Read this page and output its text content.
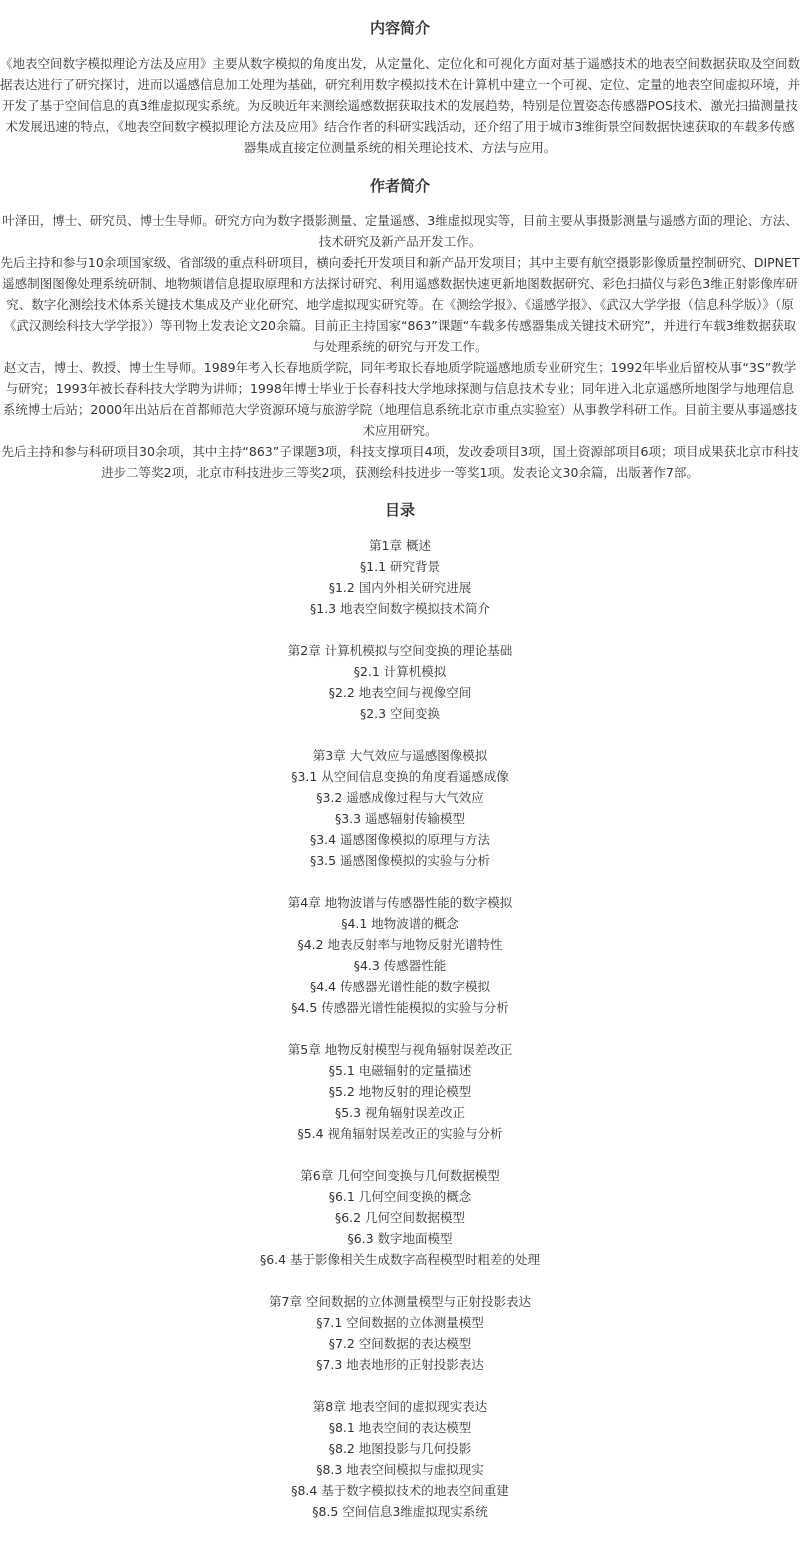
内容简介

《地表空间数字模拟理论方法及应用》主要从数字模拟的角度出发，从定量化、定位化和可视化方面对基于遥感技术的地表空间数据获取及空间数据表达进行了研究探讨，进而以遥感信息加工处理为基础，研究利用数字模拟技术在计算机中建立一个可视、定位、定量的地表空间虚拟环境，并开发了基于空间信息的真3维虚拟现实系统。为反映近年来测绘遥感数据获取技术的发展趋势，特别是位置姿态传感器POS技术、激光扫描测量技术发展迅速的特点，《地表空间数字模拟理论方法及应用》结合作者的科研实践活动，还介绍了用于城市3维街景空间数据快速获取的车载多传感器集成直接定位测量系统的相关理论技术、方法与应用。

作者简介

叶泽田，博士、研究员、博士生导师。研究方向为数字摄影测量、定量遥感、3维虚拟现实等，目前主要从事摄影测量与遥感方面的理论、方法、技术研究及新产品开发工作。

先后主持和参与10余项国家级、省部级的重点科研项目，横向委托开发项目和新产品开发项目；其中主要有航空摄影影像质量控制研究、DIPNET遥感制图图像处理系统研制、地物频谱信息提取原理和方法探讨研究、利用遥感数据快速更新地图数据研究、彩色扫描仪与彩色3维正射影像库研究、数字化测绘技术体系关键技术集成及产业化研究、地学虚拟现实研究等。在《测绘学报》、《遥感学报》、《武汉大学学报（信息科学版）》（原《武汉测绘科技大学学报》）等刊物上发表论文20余篇。目前正主持国家“863”课题“车载多传感器集成关键技术研究”，并进行车载3维数据获取与处理系统的研究与开发工作。

赵文吉，博士、教授、博士生导师。1989年考入长春地质学院，同年考取长春地质学院遥感地质专业研究生；1992年毕业后留校从事“3S”教学与研究；1993年被长春科技大学聘为讲师；1998年博士毕业于长春科技大学地球探测与信息技术专业；同年进入北京遥感所地图学与地理信息系统博士后站；2000年出站后在首都师范大学资源环境与旅游学院（地理信息系统北京市重点实验室）从事教学科研工作。目前主要从事遥感技术应用研究。

先后主持和参与科研项目30余项，其中主持“863”子课题3项，科技支撑项目4项，发改委项目3项，国土资源部项目6项；项目成果获北京市科技进步二等奖2项，北京市科技进步三等奖2项，获测绘科技进步一等奖1项。发表论文30余篇，出版著作7部。

目录
第1章 概述
§1.1 研究背景
§1.2 国内外相关研究进展
§1.3 地表空间数字模拟技术简介
第2章 计算机模拟与空间变换的理论基础
§2.1 计算机模拟
§2.2 地表空间与视像空间
§2.3 空间变换
第3章 大气效应与遥感图像模拟
§3.1 从空间信息变换的角度看遥感成像
§3.2 遥感成像过程与大气效应
§3.3 遥感辐射传输模型
§3.4 遥感图像模拟的原理与方法
§3.5 遥感图像模拟的实验与分析
第4章 地物波谱与传感器性能的数字模拟
§4.1 地物波谱的概念
§4.2 地表反射率与地物反射光谱特性
§4.3 传感器性能
§4.4 传感器光谱性能的数字模拟
§4.5 传感器光谱性能模拟的实验与分析
第5章 地物反射模型与视角辐射误差改正
§5.1 电磁辐射的定量描述
§5.2 地物反射的理论模型
§5.3 视角辐射误差改正
§5.4 视角辐射误差改正的实验与分析
第6章 几何空间变换与几何数据模型
§6.1 几何空间变换的概念
§6.2 几何空间数据模型
§6.3 数字地面模型
§6.4 基于影像相关生成数字高程模型时粗差的处理
第7章 空间数据的立体测量模型与正射投影表达
§7.1 空间数据的立体测量模型
§7.2 空间数据的表达模型
§7.3 地表地形的正射投影表达
第8章 地表空间的虚拟现实表达
§8.1 地表空间的表达模型
§8.2 地图投影与几何投影
§8.3 地表空间模拟与虚拟现实
§8.4 基于数字模拟技术的地表空间重建
§8.5 空间信息3维虚拟现实系统
